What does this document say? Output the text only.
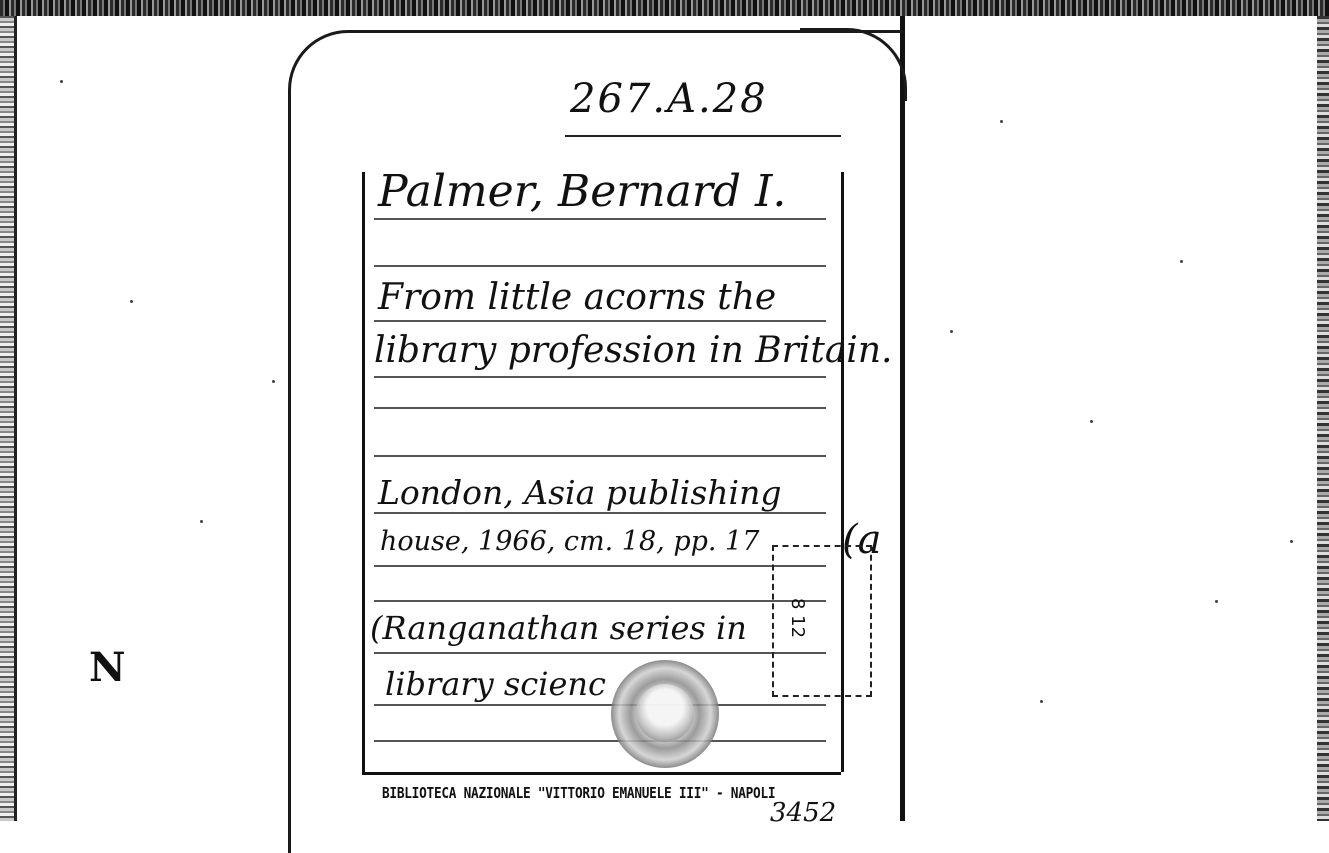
N
267.A.28
Palmer, Bernard I.
From little acorns the
library profession in Britain.
London, Asia publishing
house, 1966, cm. 18, pp. 17 (a
(Ranganathan series in
library scienc
8 12
BIBLIOTECA NAZIONALE "VITTORIO EMANUELE III" - NAPOLI
3452
